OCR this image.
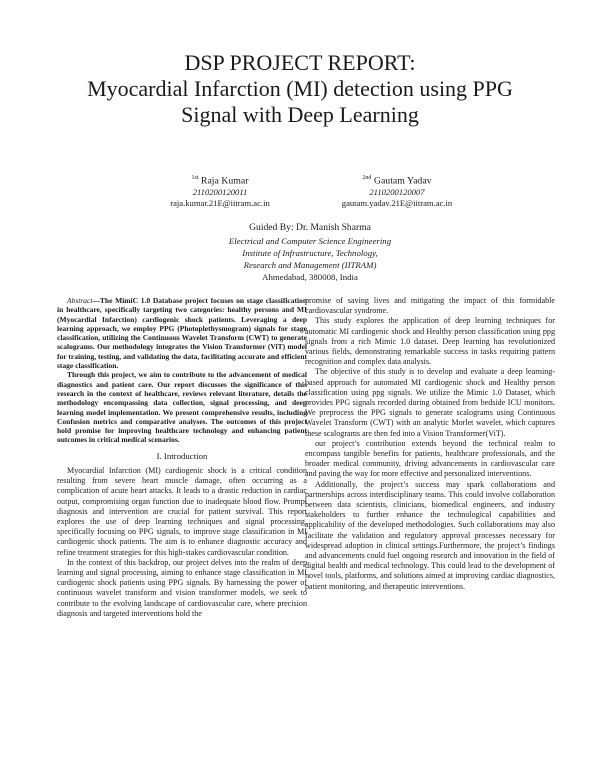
DSP PROJECT REPORT:
Myocardial Infarction (MI) detection using PPG
Signal with Deep Learning
$^{1st}$ Raja Kumar
2110200120011
raja.kumar.21E@iitram.ac.in
$^{2nd}$ Gautam Yadav
2110200120007
gautam.yadav.21E@iitram.ac.in
Guided By: Dr. Manish Sharma
Electrical and Computer Science Engineering
Institute of Infrastructure, Technology,
Research and Management (IITRAM)
Ahmedabad, 380008, India

Abstract—The MimiC 1.0 Database project focuses on stage classification in healthcare, specifically targeting two categories: healthy persons and MI (Myocardial Infarction) cardiogenic shock patients. Leveraging a deep learning approach, we employ PPG (Photoplethysmogram) signals for stage classification, utilizing the Continuous Wavelet Transform (CWT) to generate scalograms. Our methodology integrates the Vision Transformer (ViT) model for training, testing, and validating the data, facilitating accurate and efficient stage classification.

Through this project, we aim to contribute to the advancement of medical diagnostics and patient care. Our report discusses the significance of this research in the context of healthcare, reviews relevant literature, details the methodology encompassing data collection, signal processing, and deep learning model implementation. We present comprehensive results, including Confusion metrics and comparative analyses. The outcomes of this project hold promise for improving healthcare technology and enhancing patient outcomes in critical medical scenarios.

I. Introduction

Myocardial Infarction (MI) cardiogenic shock is a critical condition resulting from severe heart muscle damage, often occurring as a complication of acute heart attacks. It leads to a drastic reduction in cardiac output, compromising organ function due to inadequate blood flow. Prompt diagnosis and intervention are crucial for patient survival. This report explores the use of deep learning techniques and signal processing, specifically focusing on PPG signals, to improve stage classification in MI cardiogenic shock patients. The aim is to enhance diagnostic accuracy and refine treatment strategies for this high-stakes cardiovascular condition.

In the context of this backdrop, our project delves into the realm of deep learning and signal processing, aiming to enhance stage classification in MI cardiogenic shock patients using PPG signals. By harnessing the power of continuous wavelet transform and vision transformer models, we seek to contribute to the evolving landscape of cardiovascular care, where precision diagnosis and targeted interventions hold the

promise of saving lives and mitigating the impact of this formidable cardiovascular syndrome.

This study explores the application of deep learning techniques for automatic MI cardiogenic shock and Healthy person classification using ppg signals from a rich Mimic 1.0 dataset. Deep learning has revolutionized various fields, demonstrating remarkable success in tasks requiring pattern recognition and complex data analysis.

The objective of this study is to develop and evaluate a deep learning-based approach for automated MI cardiogenic shock and Healthy person classification using ppg signals. We utilize the Mimic 1.0 Dataset, which provides PPG signals recorded during obtained from bedside ICU monitors. We preprocess the PPG signals to generate scalograms using Continuous Wavelet Transform (CWT) with an analytic Morlet wavelet, which captures these scalograms are then fed into a Vision Transformer(ViT).

our project’s contribution extends beyond the technical realm to encompass tangible benefits for patients, healthcare professionals, and the broader medical community, driving advancements in cardiovascular care and paving the way for more effective and personalized interventions.

Additionally, the project’s success may spark collaborations and partnerships across interdisciplinary teams. This could involve collaboration between data scientists, clinicians, biomedical engineers, and industry stakeholders to further enhance the technological capabilities and applicability of the developed methodologies. Such collaborations may also facilitate the validation and regulatory approval processes necessary for widespread adoption in clinical settings.Furthermore, the project’s findings and advancements could fuel ongoing research and innovation in the field of digital health and medical technology. This could lead to the development of novel tools, platforms, and solutions aimed at improving cardiac diagnostics, patient monitoring, and therapeutic interventions.
